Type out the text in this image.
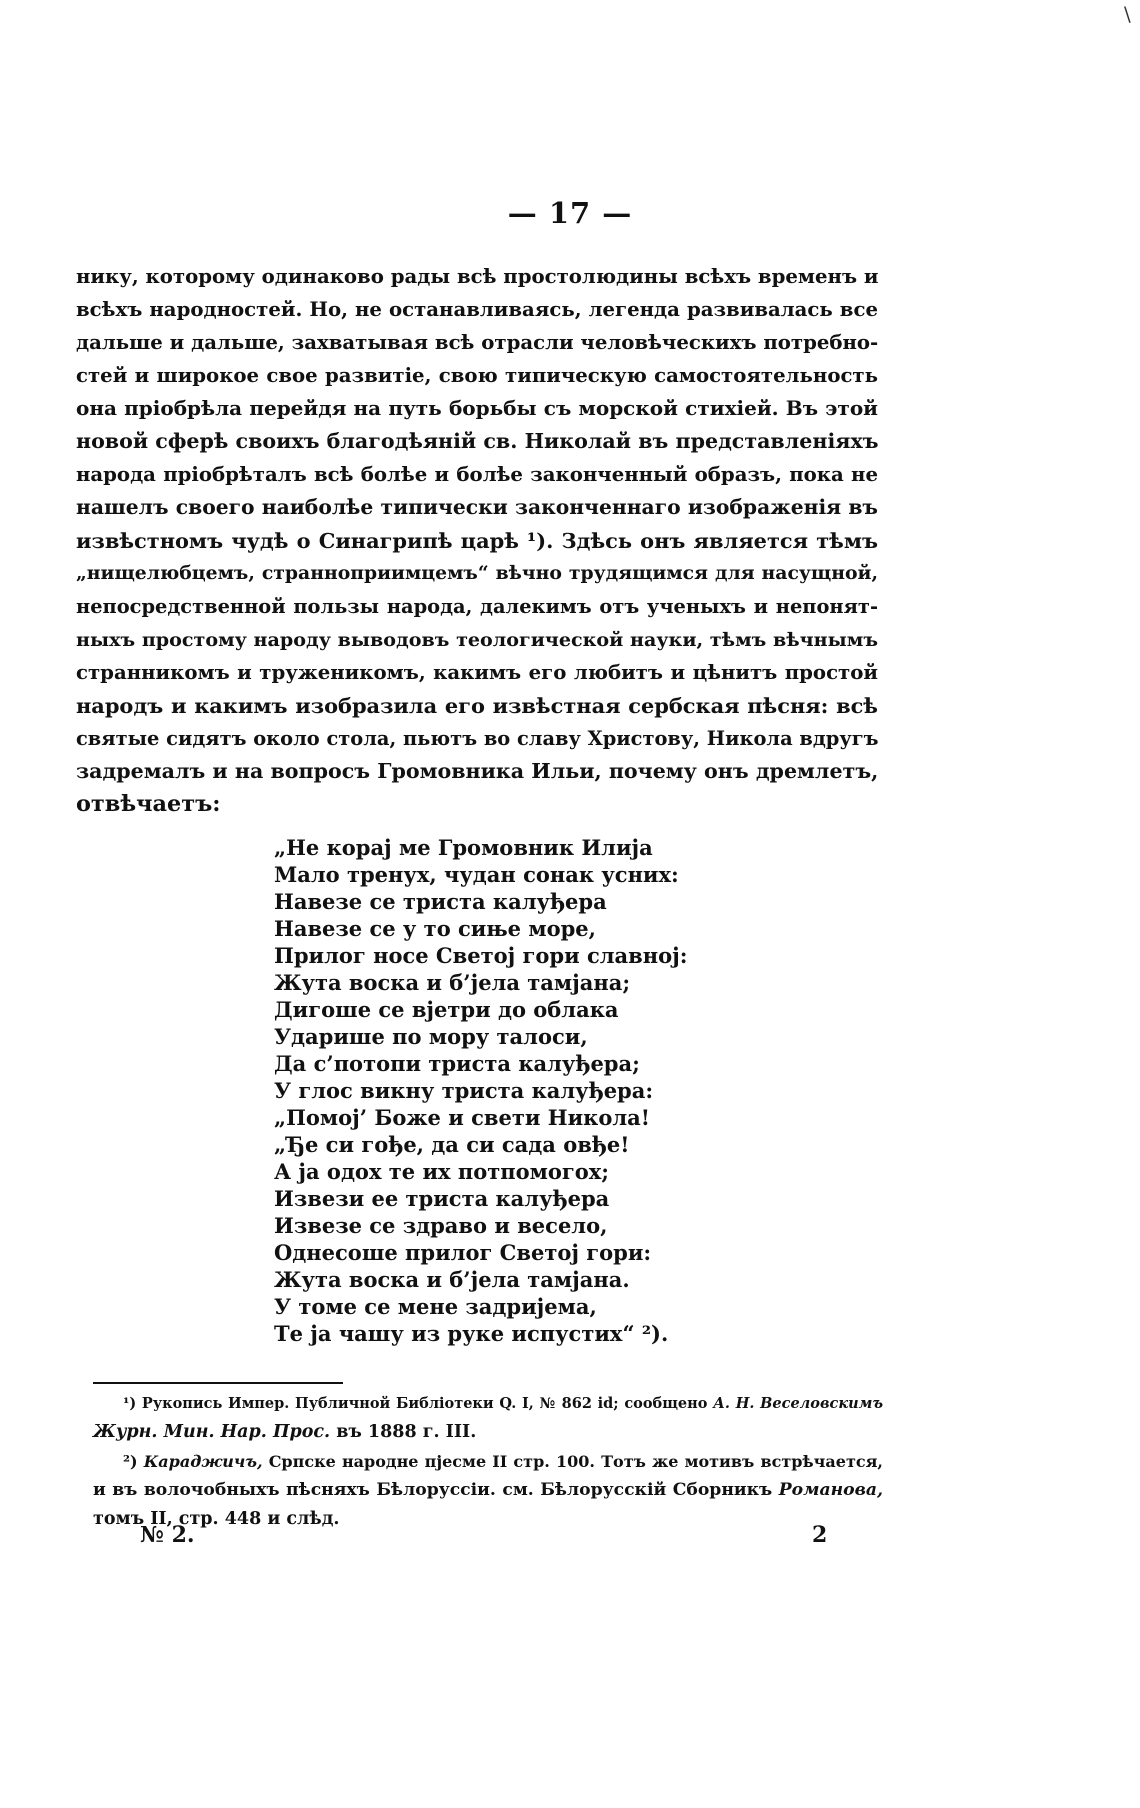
\
— 17 —
нику, которому одинаково рады всѣ простолюдины всѣхъ временъ и
всѣхъ народностей. Но, не останавливаясь, легенда развивалась все
дальше и дальше, захватывая всѣ отрасли человѣческихъ потребно-
стей и широкое свое развитіе, свою типическую самостоятельность
она пріобрѣла перейдя на путь борьбы съ морской стихіей. Въ этой
новой сферѣ своихъ благодѣяній св. Николай въ представленіяхъ
народа пріобрѣталъ всѣ болѣе и болѣе законченный образъ, пока не
нашелъ своего наиболѣе типически законченнаго изображенія въ
извѣстномъ чудѣ о Синагрипѣ царѣ ¹). Здѣсь онъ является тѣмъ
„нищелюбцемъ, странноприимцемъ“ вѣчно трудящимся для насущной,
непосредственной пользы народа, далекимъ отъ ученыхъ и непонят-
ныхъ простому народу выводовъ теологической науки, тѣмъ вѣчнымъ
странникомъ и труженикомъ, какимъ его любитъ и цѣнитъ простой
народъ и какимъ изобразила его извѣстная сербская пѣсня: всѣ
святые сидятъ около стола, пьютъ во славу Христову, Никола вдругъ
задремалъ и на вопросъ Громовника Ильи, почему онъ дремлетъ,
отвѣчаетъ:
„Не корај ме Громовник Илија
Мало тренух, чудан сонак усних:
Навезе се триста калуђера
Навезе се у то сиње море,
Прилог носе Светој гори славној:
Жута воска и б’јела тамјана;
Дигоше се вјетри до облака
Ударише по мору талоси,
Да с’потопи триста калуђера;
У глос викну триста калуђера:
„Помој’ Боже и свети Никола!
„Ђе си гође, да си сада овђе!
А ја одох те их потпомогох;
Извези ее триста калуђера
Извезе се здраво и весело,
Однесоше прилог Светој гори:
Жута воска и б’јела тамјана.
У томе се мене задријема,
Те ја чашу из руке испустих“ ²).
¹) Рукопись Импер. Публичной Библіотеки Q. I, № 862 id; сообщено А. Н. Веселовскимъ
Журн. Мин. Нар. Прос. въ 1888 г. III.
²) Караджичъ, Српске народне пјесме II стр. 100. Тотъ же мотивъ встрѣчается,
и въ волочобныхъ пѣсняхъ Бѣлоруссіи. см. Бѣлорусскій Сборникъ Романова,
томъ II, стр. 448 и слѣд.
№ 2.	2
